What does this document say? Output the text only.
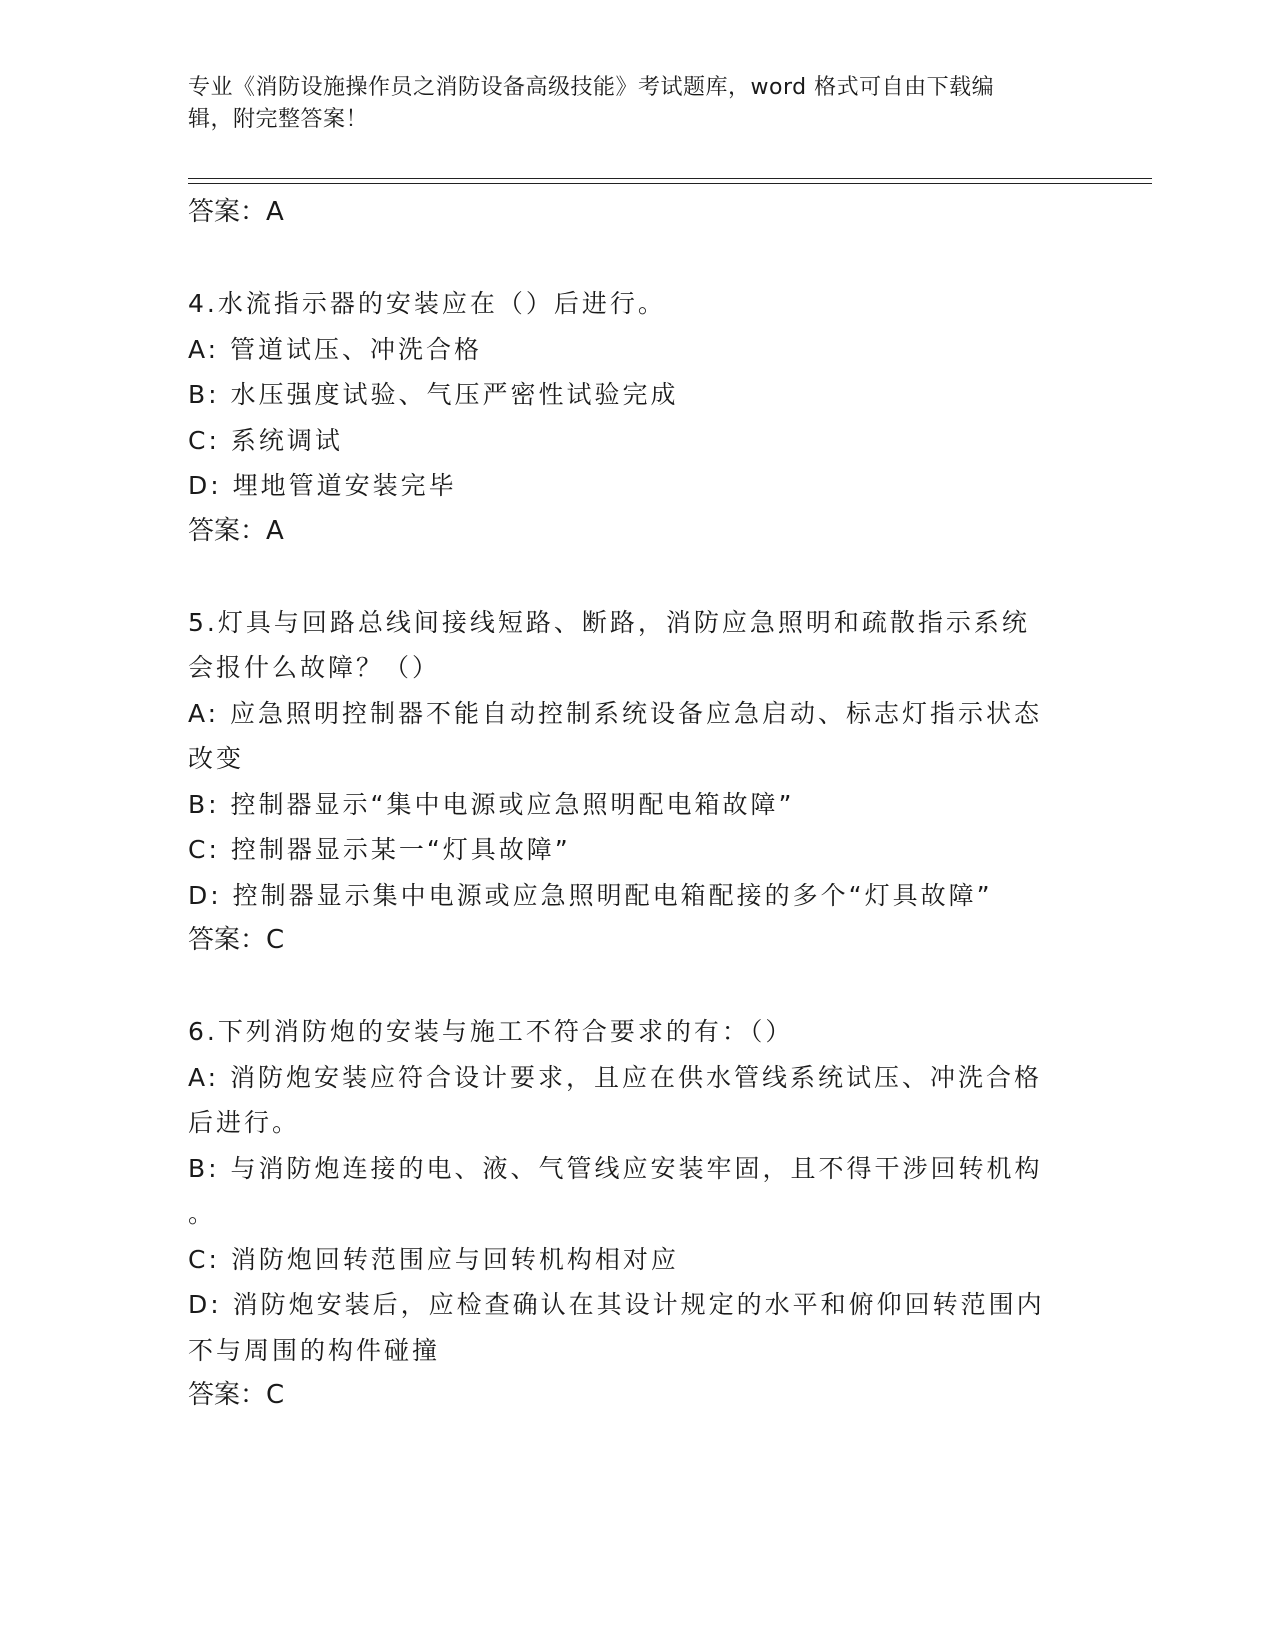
专业《消防设施操作员之消防设备高级技能》考试题库，word 格式可自由下载编
辑，附完整答案！
答案：A
4.水流指示器的安装应在（）后进行。
A: 管道试压、冲洗合格
B: 水压强度试验、气压严密性试验完成
C: 系统调试
D: 埋地管道安装完毕
答案：A
5.灯具与回路总线间接线短路、断路，消防应急照明和疏散指示系统
会报什么故障？（）
A: 应急照明控制器不能自动控制系统设备应急启动、标志灯指示状态
改变
B: 控制器显示“集中电源或应急照明配电箱故障”
C: 控制器显示某一“灯具故障”
D: 控制器显示集中电源或应急照明配电箱配接的多个“灯具故障”
答案：C
6.下列消防炮的安装与施工不符合要求的有：（）
A: 消防炮安装应符合设计要求，且应在供水管线系统试压、冲洗合格
后进行。
B: 与消防炮连接的电、液、气管线应安装牢固，且不得干涉回转机构
。
C: 消防炮回转范围应与回转机构相对应
D: 消防炮安装后，应检查确认在其设计规定的水平和俯仰回转范围内
不与周围的构件碰撞
答案：C
